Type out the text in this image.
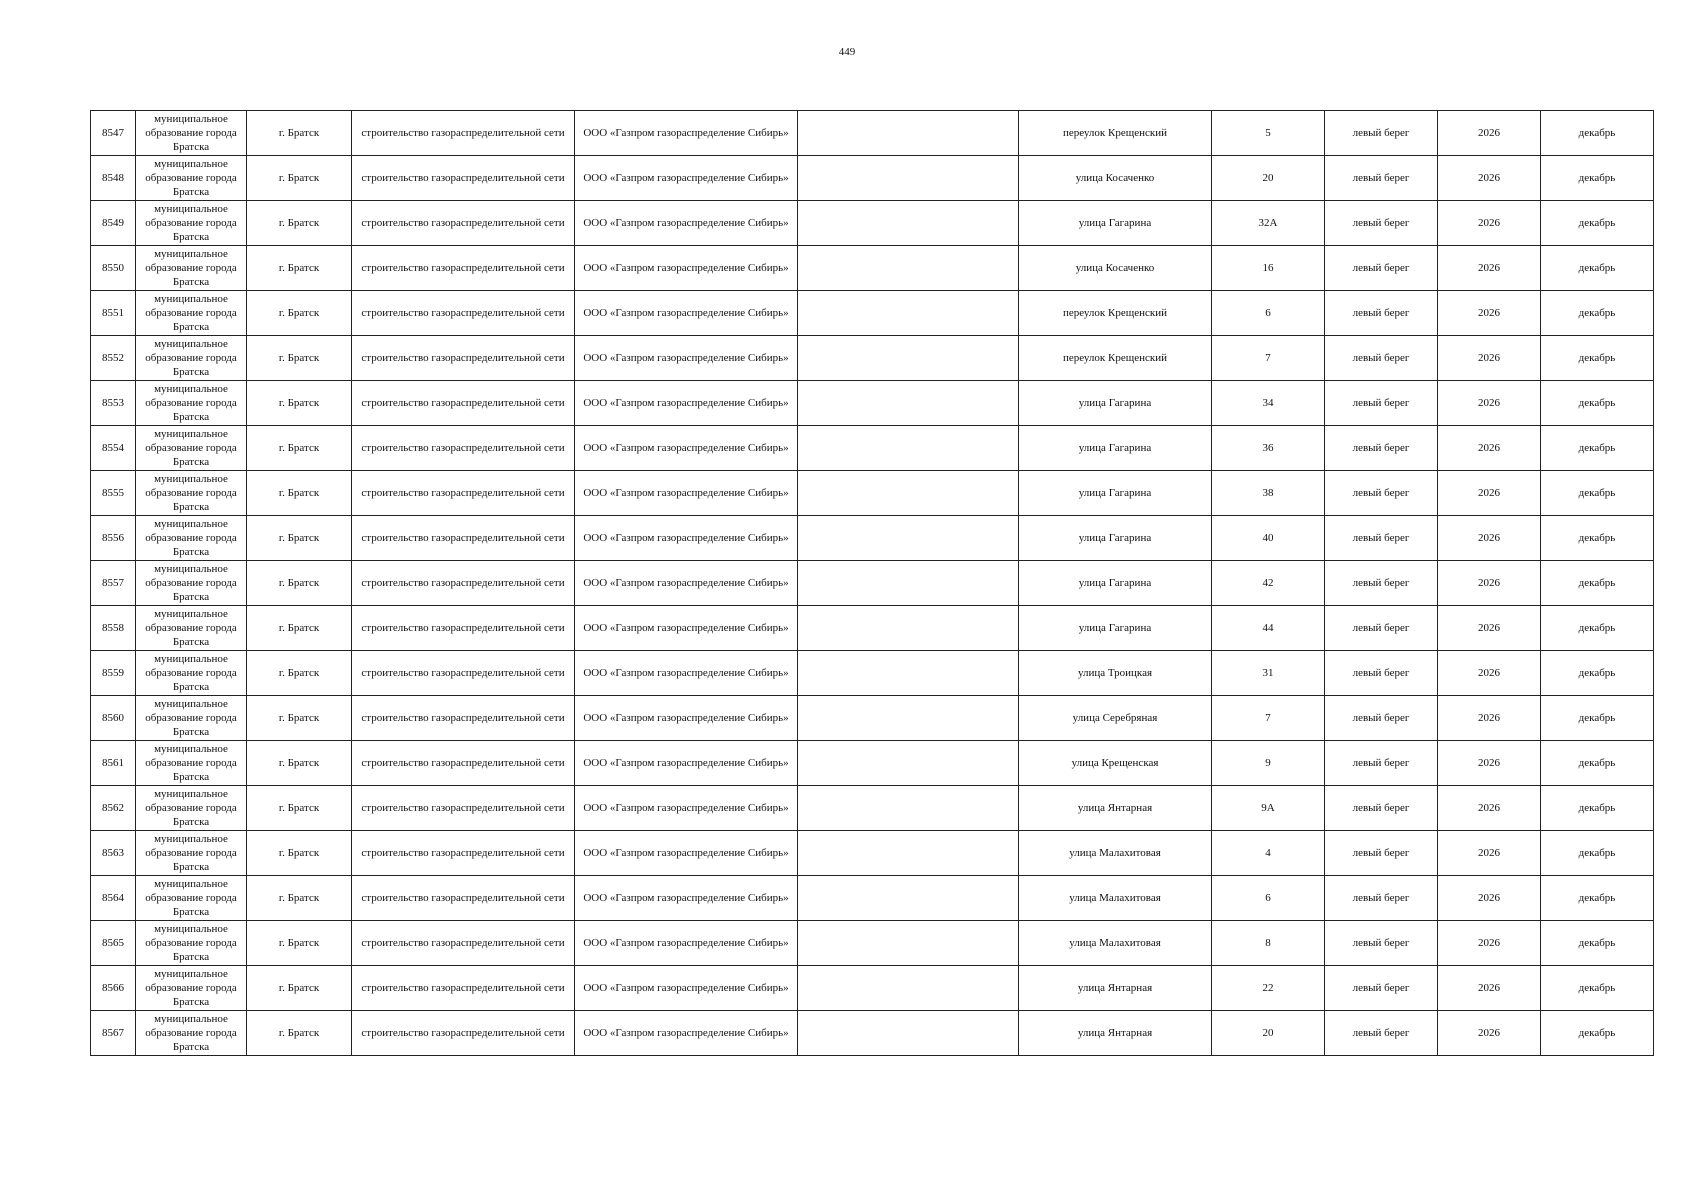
449
8547	муниципальное образование города Братска	г. Братск	строительство газораспределительной сети	ООО «Газпром газораспределение Сибирь»		переулок Крещенский	5	левый берег	2026	декабрь
8548	муниципальное образование города Братска	г. Братск	строительство газораспределительной сети	ООО «Газпром газораспределение Сибирь»		улица Косаченко	20	левый берег	2026	декабрь
8549	муниципальное образование города Братска	г. Братск	строительство газораспределительной сети	ООО «Газпром газораспределение Сибирь»		улица Гагарина	32А	левый берег	2026	декабрь
8550	муниципальное образование города Братска	г. Братск	строительство газораспределительной сети	ООО «Газпром газораспределение Сибирь»		улица Косаченко	16	левый берег	2026	декабрь
8551	муниципальное образование города Братска	г. Братск	строительство газораспределительной сети	ООО «Газпром газораспределение Сибирь»		переулок Крещенский	6	левый берег	2026	декабрь
8552	муниципальное образование города Братска	г. Братск	строительство газораспределительной сети	ООО «Газпром газораспределение Сибирь»		переулок Крещенский	7	левый берег	2026	декабрь
8553	муниципальное образование города Братска	г. Братск	строительство газораспределительной сети	ООО «Газпром газораспределение Сибирь»		улица Гагарина	34	левый берег	2026	декабрь
8554	муниципальное образование города Братска	г. Братск	строительство газораспределительной сети	ООО «Газпром газораспределение Сибирь»		улица Гагарина	36	левый берег	2026	декабрь
8555	муниципальное образование города Братска	г. Братск	строительство газораспределительной сети	ООО «Газпром газораспределение Сибирь»		улица Гагарина	38	левый берег	2026	декабрь
8556	муниципальное образование города Братска	г. Братск	строительство газораспределительной сети	ООО «Газпром газораспределение Сибирь»		улица Гагарина	40	левый берег	2026	декабрь
8557	муниципальное образование города Братска	г. Братск	строительство газораспределительной сети	ООО «Газпром газораспределение Сибирь»		улица Гагарина	42	левый берег	2026	декабрь
8558	муниципальное образование города Братска	г. Братск	строительство газораспределительной сети	ООО «Газпром газораспределение Сибирь»		улица Гагарина	44	левый берег	2026	декабрь
8559	муниципальное образование города Братска	г. Братск	строительство газораспределительной сети	ООО «Газпром газораспределение Сибирь»		улица Троицкая	31	левый берег	2026	декабрь
8560	муниципальное образование города Братска	г. Братск	строительство газораспределительной сети	ООО «Газпром газораспределение Сибирь»		улица Серебряная	7	левый берег	2026	декабрь
8561	муниципальное образование города Братска	г. Братск	строительство газораспределительной сети	ООО «Газпром газораспределение Сибирь»		улица Крещенская	9	левый берег	2026	декабрь
8562	муниципальное образование города Братска	г. Братск	строительство газораспределительной сети	ООО «Газпром газораспределение Сибирь»		улица Янтарная	9А	левый берег	2026	декабрь
8563	муниципальное образование города Братска	г. Братск	строительство газораспределительной сети	ООО «Газпром газораспределение Сибирь»		улица Малахитовая	4	левый берег	2026	декабрь
8564	муниципальное образование города Братска	г. Братск	строительство газораспределительной сети	ООО «Газпром газораспределение Сибирь»		улица Малахитовая	6	левый берег	2026	декабрь
8565	муниципальное образование города Братска	г. Братск	строительство газораспределительной сети	ООО «Газпром газораспределение Сибирь»		улица Малахитовая	8	левый берег	2026	декабрь
8566	муниципальное образование города Братска	г. Братск	строительство газораспределительной сети	ООО «Газпром газораспределение Сибирь»		улица Янтарная	22	левый берег	2026	декабрь
8567	муниципальное образование города Братска	г. Братск	строительство газораспределительной сети	ООО «Газпром газораспределение Сибирь»		улица Янтарная	20	левый берег	2026	декабрь
